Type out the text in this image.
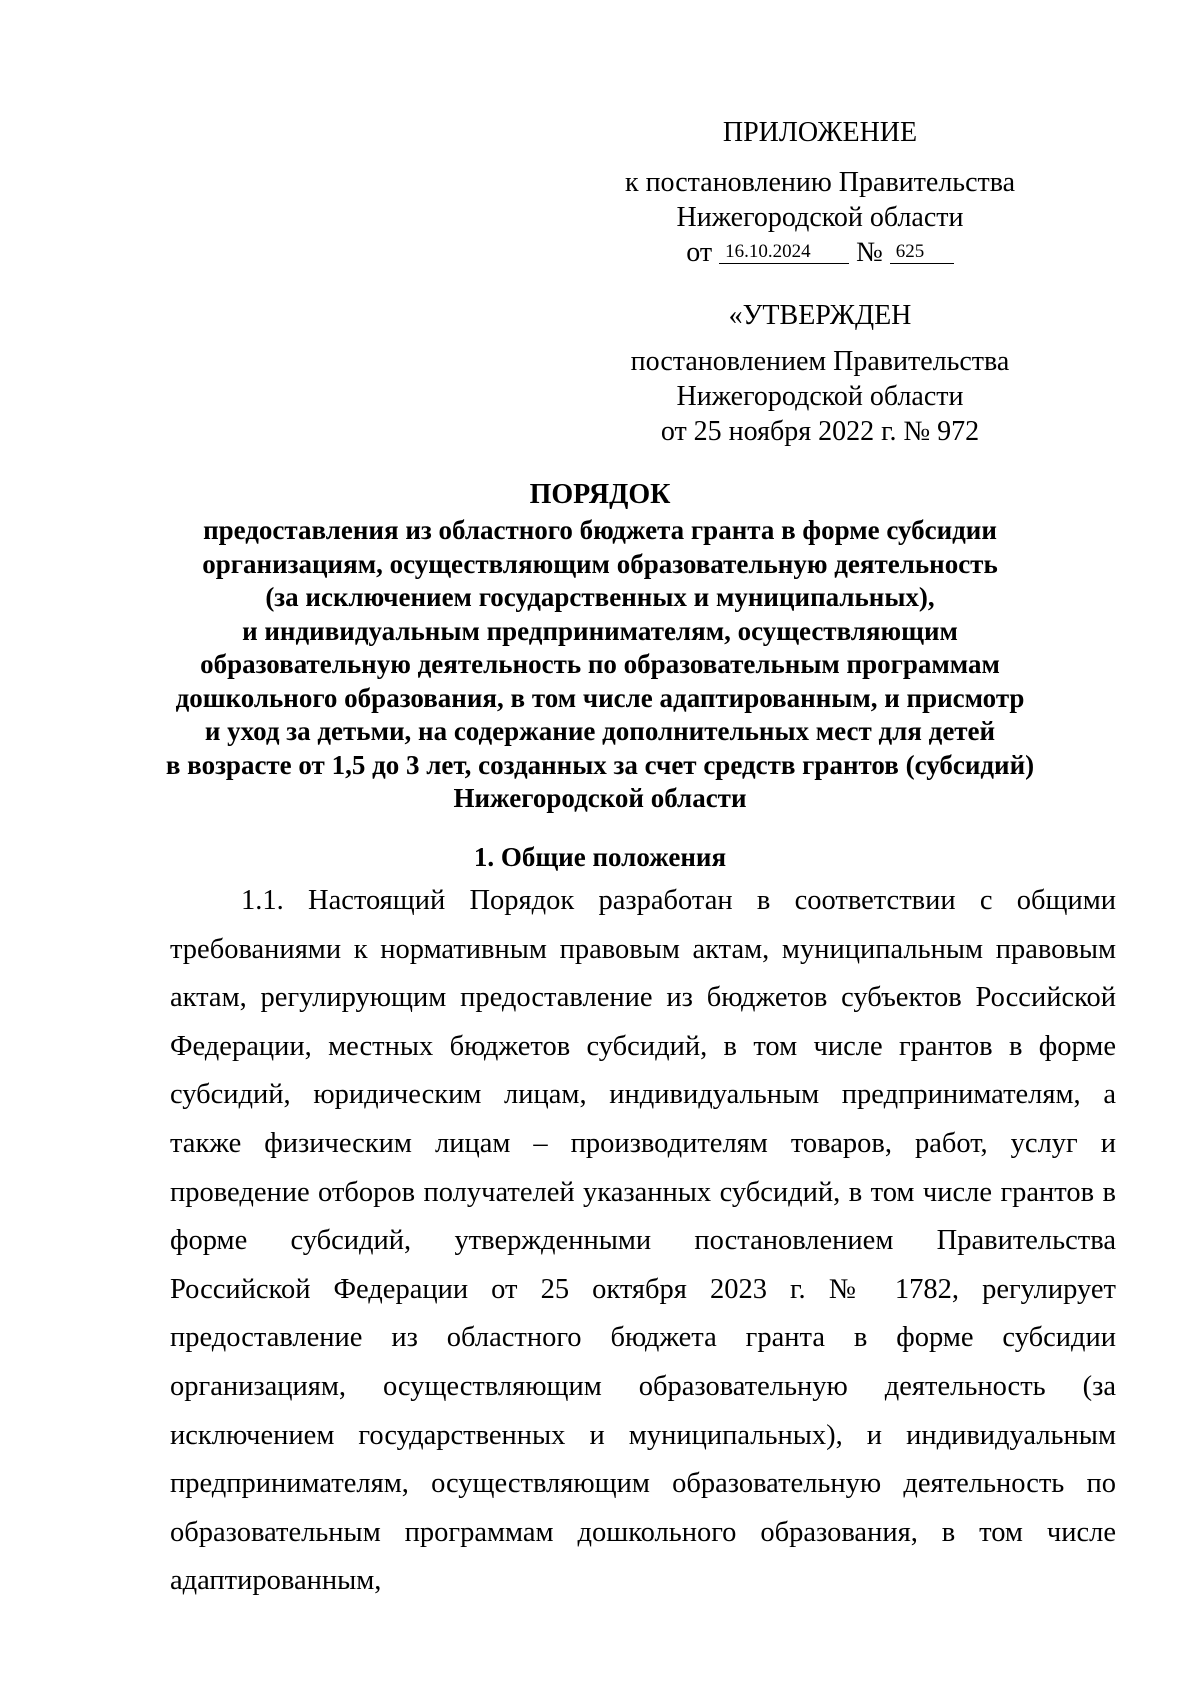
ПРИЛОЖЕНИЕ
к постановлению Правительства
Нижегородской области
от 16.10.2024 № 625
«УТВЕРЖДЕН
постановлением Правительства
Нижегородской области
от 25 ноября 2022 г. № 972
ПОРЯДОК
предоставления из областного бюджета гранта в форме субсидии
организациям, осуществляющим образовательную деятельность
(за исключением государственных и муниципальных),
и индивидуальным предпринимателям, осуществляющим
образовательную деятельность по образовательным программам
дошкольного образования, в том числе адаптированным, и присмотр
и уход за детьми, на содержание дополнительных мест для детей
в возрасте от 1,5 до 3 лет, созданных за счет средств грантов (субсидий)
Нижегородской области
1. Общие положения

1.1. Настоящий Порядок разработан в соответствии с общими требованиями к нормативным правовым актам, муниципальным правовым актам, регулирующим предоставление из бюджетов субъектов Российской Федерации, местных бюджетов субсидий, в том числе грантов в форме субсидий, юридическим лицам, индивидуальным предпринимателям, а также физическим лицам – производителям товаров, работ, услуг и проведение отборов получателей указанных субсидий, в том числе грантов в форме субсидий, утвержденными постановлением Правительства Российской Федерации от 25 октября 2023 г. № 1782, регулирует предоставление из областного бюджета гранта в форме субсидии организациям, осуществляющим образовательную деятельность (за исключением государственных и муниципальных), и индивидуальным предпринимателям, осуществляющим образовательную деятельность по образовательным программам дошкольного образования, в том числе адаптированным,
